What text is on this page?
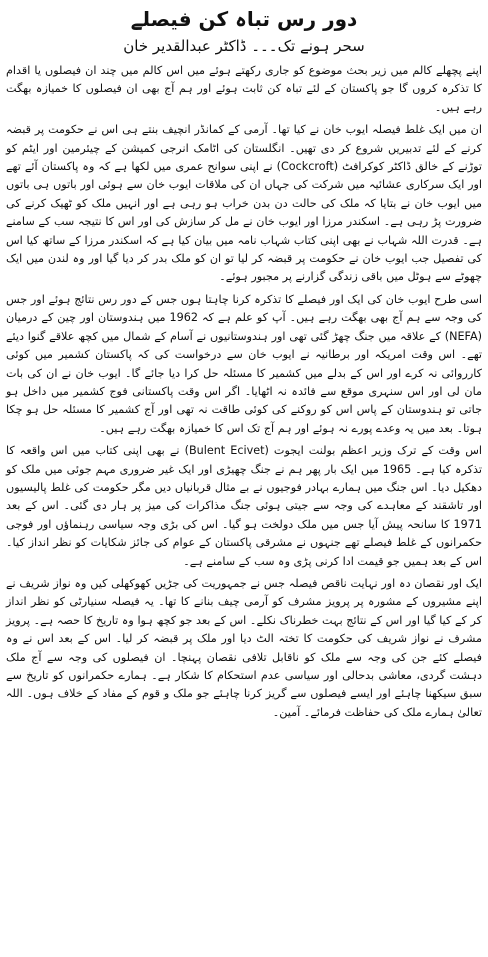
دور رس تباہ کن فیصلے
سحر ہونے تک۔۔۔ ڈاکٹر عبدالقدیر خان

اپنے پچھلے کالم میں زیر بحث موضوع کو جاری رکھتے ہوئے میں اس کالم میں چند ان فیصلوں یا اقدام کا تذکرہ کروں گا جو پاکستان کے لئے تباہ کن ثابت ہوئے اور ہم آج بھی ان فیصلوں کا خمیازہ بھگت رہے ہیں۔

ان میں ایک غلط فیصلہ ایوب خان نے کیا تھا۔ آرمی کے کمانڈر انچیف بنتے ہی اس نے حکومت پر قبضہ کرنے کے لئے تدبیریں شروع کر دی تھیں۔ انگلستان کی اٹامک انرجی کمیشن کے چیئرمین اور ایٹم کو توڑنے کے خالق ڈاکٹر کوکرافٹ (Cockcroft) نے اپنی سوانح عمری میں لکھا ہے کہ وہ پاکستان آئے تھے اور ایک سرکاری عشائیہ میں شرکت کی جہاں ان کی ملاقات ایوب خان سے ہوئی اور باتوں ہی باتوں میں ایوب خان نے بتایا کہ ملک کی حالت دن بدن خراب ہو رہی ہے اور انہیں ملک کو ٹھیک کرنے کی ضرورت پڑ رہی ہے۔ اسکندر مرزا اور ایوب خان نے مل کر سازش کی اور اس کا نتیجہ سب کے سامنے ہے۔ قدرت اللہ شہاب نے بھی اپنی کتاب شہاب نامہ میں بیان کیا ہے کہ اسکندر مرزا کے ساتھ کیا اس کی تفصیل جب ایوب خان نے حکومت پر قبضہ کر لیا تو ان کو ملک بدر کر دیا گیا اور وہ لندن میں ایک چھوٹے سے ہوٹل میں باقی زندگی گزارنے پر مجبور ہوئے۔

اسی طرح ایوب خان کی ایک اور فیصلے کا تذکرہ کرنا چاہتا ہوں جس کے دور رس نتائج ہوئے اور جس کی وجہ سے ہم آج بھی بھگت رہے ہیں۔ آپ کو علم ہے کہ 1962 میں ہندوستان اور چین کے درمیان (NEFA) کے علاقہ میں جنگ چھڑ گئی تھی اور ہندوستانیوں نے آسام کے شمال میں کچھ علاقے گنوا دیئے تھے۔ اس وقت امریکہ اور برطانیہ نے ایوب خان سے درخواست کی کہ پاکستان کشمیر میں کوئی کارروائی نہ کرے اور اس کے بدلے میں کشمیر کا مسئلہ حل کرا دیا جائے گا۔ ایوب خان نے ان کی بات مان لی اور اس سنہری موقع سے فائدہ نہ اٹھایا۔ اگر اس وقت پاکستانی فوج کشمیر میں داخل ہو جاتی تو ہندوستان کے پاس اس کو روکنے کی کوئی طاقت نہ تھی اور آج کشمیر کا مسئلہ حل ہو چکا ہوتا۔ بعد میں یہ وعدے پورے نہ ہوئے اور ہم آج تک اس کا خمیازہ بھگت رہے ہیں۔

اس وقت کے ترک وزیر اعظم بولنت ایجوت (Bulent Ecivet) نے بھی اپنی کتاب میں اس واقعہ کا تذکرہ کیا ہے۔ 1965 میں ایک بار پھر ہم نے جنگ چھیڑی اور ایک غیر ضروری مہم جوئی میں ملک کو دھکیل دیا۔ اس جنگ میں ہمارے بہادر فوجیوں نے بے مثال قربانیاں دیں مگر حکومت کی غلط پالیسیوں اور تاشقند کے معاہدے کی وجہ سے جیتی ہوئی جنگ مذاکرات کی میز پر ہار دی گئی۔ اس کے بعد 1971 کا سانحہ پیش آیا جس میں ملک دولخت ہو گیا۔ اس کی بڑی وجہ سیاسی رہنماؤں اور فوجی حکمرانوں کے غلط فیصلے تھے جنہوں نے مشرقی پاکستان کے عوام کی جائز شکایات کو نظر انداز کیا۔ اس کے بعد ہمیں جو قیمت ادا کرنی پڑی وہ سب کے سامنے ہے۔

ایک اور نقصان دہ اور نہایت ناقص فیصلہ جس نے جمہوریت کی جڑیں کھوکھلی کیں وہ نواز شریف نے اپنے مشیروں کے مشورہ پر پرویز مشرف کو آرمی چیف بنانے کا تھا۔ یہ فیصلہ سنیارٹی کو نظر انداز کر کے کیا گیا اور اس کے نتائج بہت خطرناک نکلے۔ اس کے بعد جو کچھ ہوا وہ تاریخ کا حصہ ہے۔ پرویز مشرف نے نواز شریف کی حکومت کا تختہ الٹ دیا اور ملک پر قبضہ کر لیا۔ اس کے بعد اس نے وہ فیصلے کئے جن کی وجہ سے ملک کو ناقابل تلافی نقصان پہنچا۔ ان فیصلوں کی وجہ سے آج ملک دہشت گردی، معاشی بدحالی اور سیاسی عدم استحکام کا شکار ہے۔ ہمارے حکمرانوں کو تاریخ سے سبق سیکھنا چاہئے اور ایسے فیصلوں سے گریز کرنا چاہئے جو ملک و قوم کے مفاد کے خلاف ہوں۔ اللہ تعالیٰ ہمارے ملک کی حفاظت فرمائے۔ آمین۔
